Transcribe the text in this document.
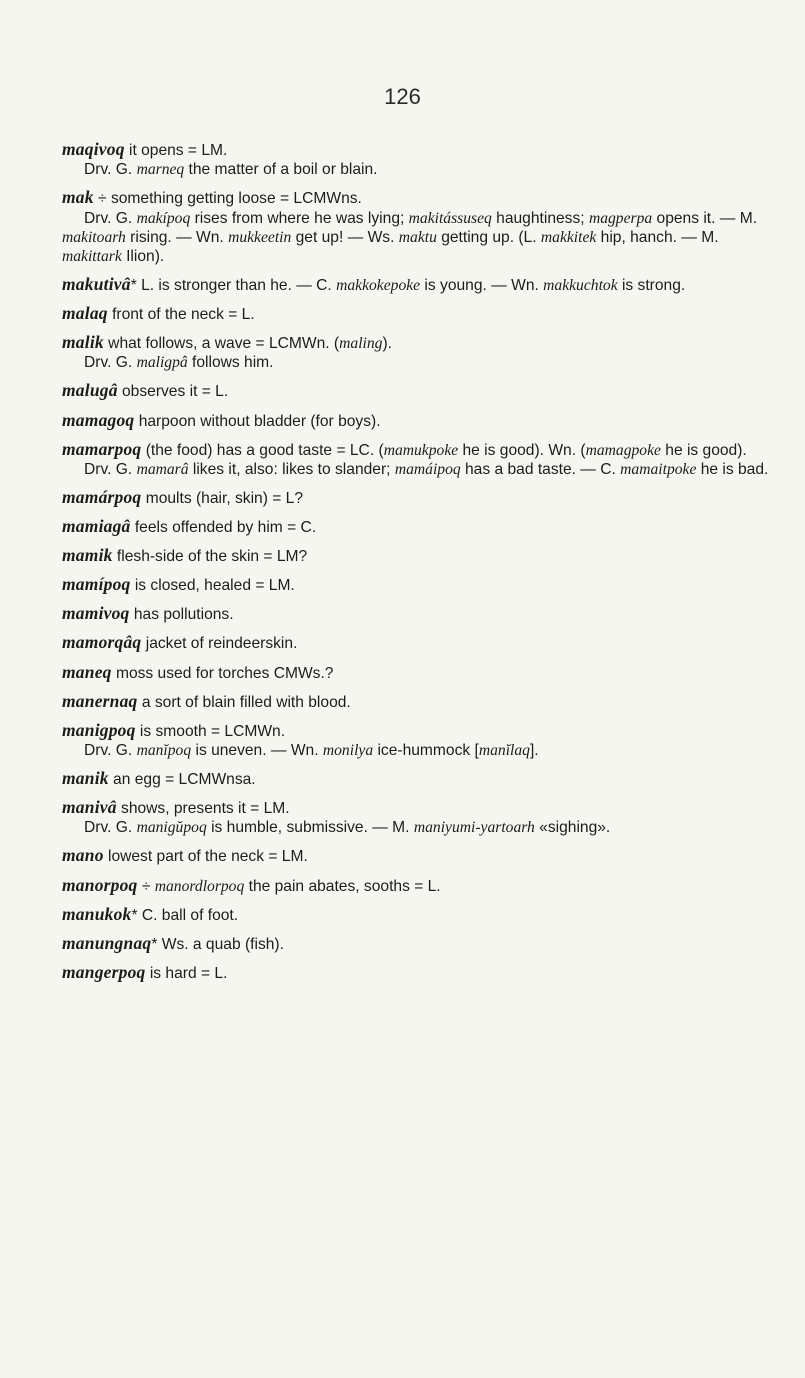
126

maqivoq it opens = LM.

Drv. G. marneq the matter of a boil or blain.

mak ÷ something getting loose = LCMWns.

Drv. G. makípoq rises from where he was lying; makitássuseq haughtiness; magperpa opens it. — M. makitoarh rising. — Wn. mukkeetin get up! — Ws. maktu getting up. (L. makkitek hip, hanch. — M. makittark Ilion).

makutivâ* L. is stronger than he. — C. makkokepoke is young. — Wn. makkuchtok is strong.

malaq front of the neck = L.

malik what follows, a wave = LCMWn. (maling).

Drv. G. maligpâ follows him.

malugâ observes it = L.

mamagoq harpoon without bladder (for boys).

mamarpoq (the food) has a good taste = LC. (mamukpoke he is good). Wn. (mamagpoke he is good).

Drv. G. mamarâ likes it, also: likes to slander; mamáipoq has a bad taste. — C. mamaitpoke he is bad.

mamárpoq moults (hair, skin) = L?

mamiagâ feels offended by him = C.

mamik flesh-side of the skin = LM?

mamípoq is closed, healed = LM.

mamivoq has pollutions.

mamorqâq jacket of reindeerskin.

maneq moss used for torches CMWs.?

manernaq a sort of blain filled with blood.

manigpoq is smooth = LCMWn.

Drv. G. manĭpoq is uneven. — Wn. monilya ice-hummock [manĭlaq].

manik an egg = LCMWnsa.

manivâ shows, presents it = LM.

Drv. G. manigŭpoq is humble, submissive. — M. maniyumi-yartoarh «sighing».

mano lowest part of the neck = LM.

manorpoq ÷ manordlorpoq the pain abates, sooths = L.

manukok* C. ball of foot.

manungnaq* Ws. a quab (fish).

mangerpoq is hard = L.
